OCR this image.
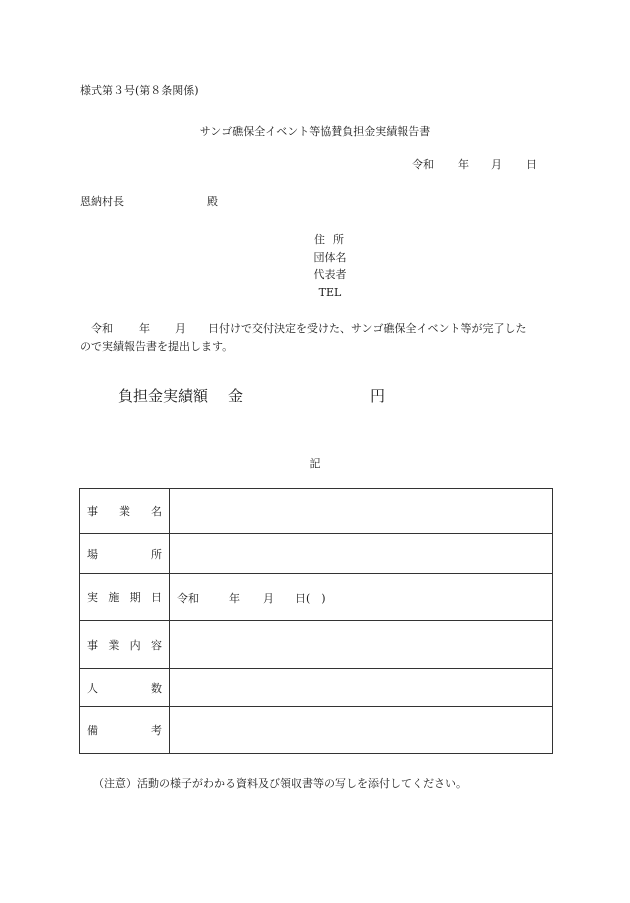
様式第３号(第８条関係)
サンゴ礁保全イベント等協賛負担金実績報告書
令和 年 月 日
恩納村長	殿
住所
団体名
代表者
TEL
令和 年 月 日付けで交付決定を受けた、サンゴ礁保全イベント等が完了した
ので実績報告書を提出します。
負担金実績額 金	円
記
事 業 名	

場 所	

実 施 期 日	令和 年 月 日(　)

事 業 内 容	

人 数	

備 考	

（注意）活動の様子がわかる資料及び領収書等の写しを添付してください。
